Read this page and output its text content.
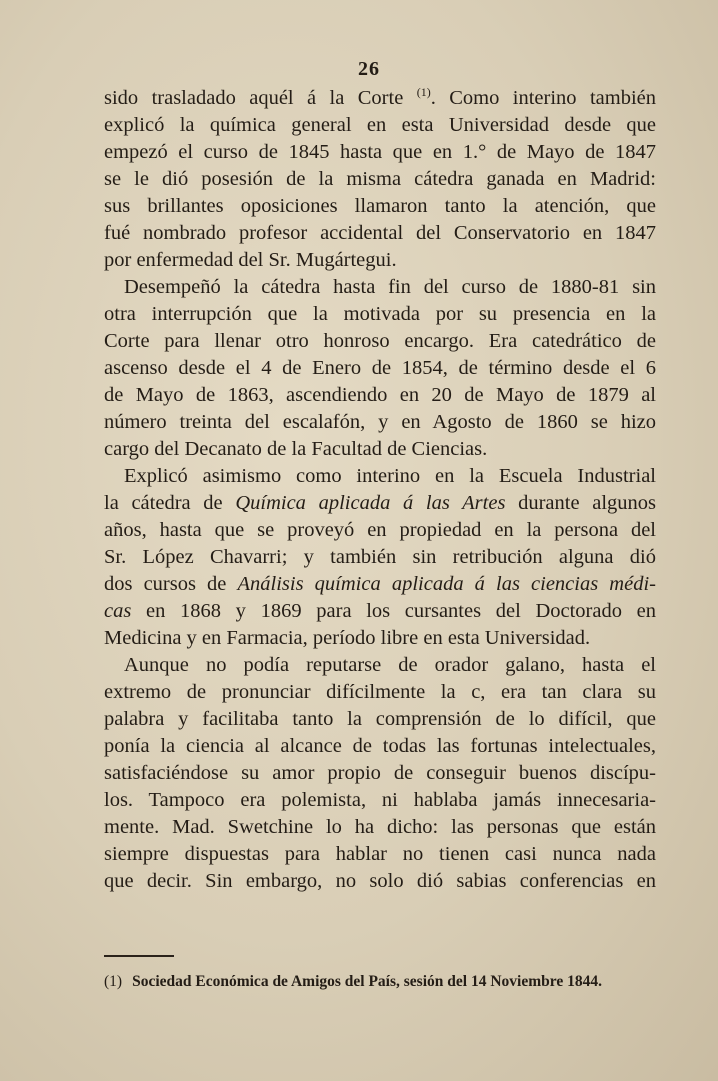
26
sido trasladado aquél á la Corte $^{(1)}$. Como interino también
explicó la química general en esta Universidad desde que
empezó el curso de 1845 hasta que en 1.° de Mayo de 1847
se le dió posesión de la misma cátedra ganada en Madrid:
sus brillantes oposiciones llamaron tanto la atención, que
fué nombrado profesor accidental del Conservatorio en 1847
por enfermedad del Sr. Mugártegui.
Desempeñó la cátedra hasta fin del curso de 1880-81 sin
otra interrupción que la motivada por su presencia en la
Corte para llenar otro honroso encargo. Era catedrático de
ascenso desde el 4 de Enero de 1854, de término desde el 6
de Mayo de 1863, ascendiendo en 20 de Mayo de 1879 al
número treinta del escalafón, y en Agosto de 1860 se hizo
cargo del Decanato de la Facultad de Ciencias.
Explicó asimismo como interino en la Escuela Industrial
la cátedra de Química aplicada á las Artes durante algunos
años, hasta que se proveyó en propiedad en la persona del
Sr. López Chavarri; y también sin retribución alguna dió
dos cursos de Análisis química aplicada á las ciencias médi-
cas en 1868 y 1869 para los cursantes del Doctorado en
Medicina y en Farmacia, período libre en esta Universidad.
Aunque no podía reputarse de orador galano, hasta el
extremo de pronunciar difícilmente la c, era tan clara su
palabra y facilitaba tanto la comprensión de lo difícil, que
ponía la ciencia al alcance de todas las fortunas intelectuales,
satisfaciéndose su amor propio de conseguir buenos discípu-
los. Tampoco era polemista, ni hablaba jamás innecesaria-
mente. Mad. Swetchine lo ha dicho: las personas que están
siempre dispuestas para hablar no tienen casi nunca nada
que decir. Sin embargo, no solo dió sabias conferencias en
(1) Sociedad Económica de Amigos del País, sesión del 14 Noviembre 1844.
